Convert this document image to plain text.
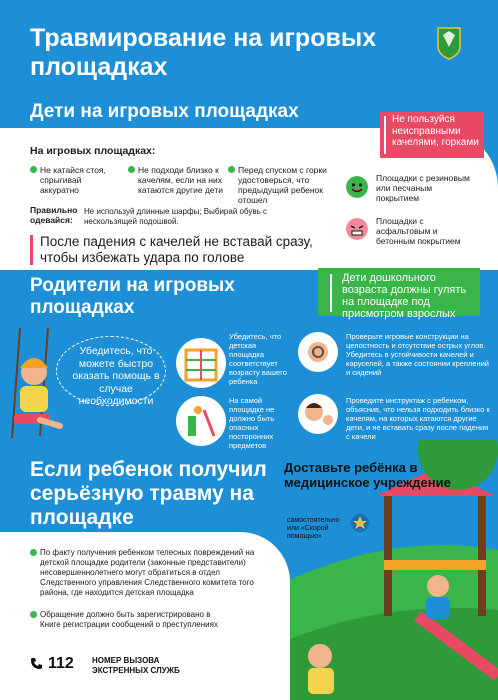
Травмирование на игровых площадках
Дети на игровых площадках	Не пользуйся неисправными качелями, горками
На игровых площадках:
Не катайся стоя, спрыгивай аккуратно
Не подходи близко к качелям, если на них катаются другие дети
Перед спуском с горки удостоверься, что предыдущий ребенок отошел
Правильно одевайся:
Не используй длинные шарфы; Выбирай обувь с нескользящей подошвой.
После падения с качелей не вставай сразу, чтобы избежать удара по голове
Площадки с резиновым или песчаным покрытием
Площадки с асфальтовым и бетонным покрытием
Родители на игровых площадках
Дети дошкольного возраста должны гулять на площадке под присмотром взрослых
Убедитесь, что можете быстро оказать помощь в случае необходимости
Убедитесь, что детская площадка соответствует возрасту вашего ребенка
Проверьте игровые конструкции на целостность и отсутствие острых углов. Убедитесь в устойчивости качелей и каруселей, а также состоянии креплений и сидений
На самой площадке не должно быть опасных посторонних предметов
Проведите инструктаж с ребенком, объяснив, что нельзя подходить близко к качелям, на которых катаются другие дети, и не вставать сразу после падения с качели
Если ребенок получил серьёзную травму на площадке
Доставьте ребёнка в медицинское учреждение
самостоятельно или «Скорой помощью»
По факту получения ребенком телесных повреждений на детской площадке родители (законные представители) несовершеннолетнего могут обратиться в отдел Следственного управления Следственного комитета того района, где находится детская площадка
Обращение должно быть зарегистрировано в Книге регистрации сообщений о преступлениях
112 НОМЕР ВЫЗОВА ЭКСТРЕННЫХ СЛУЖБ
